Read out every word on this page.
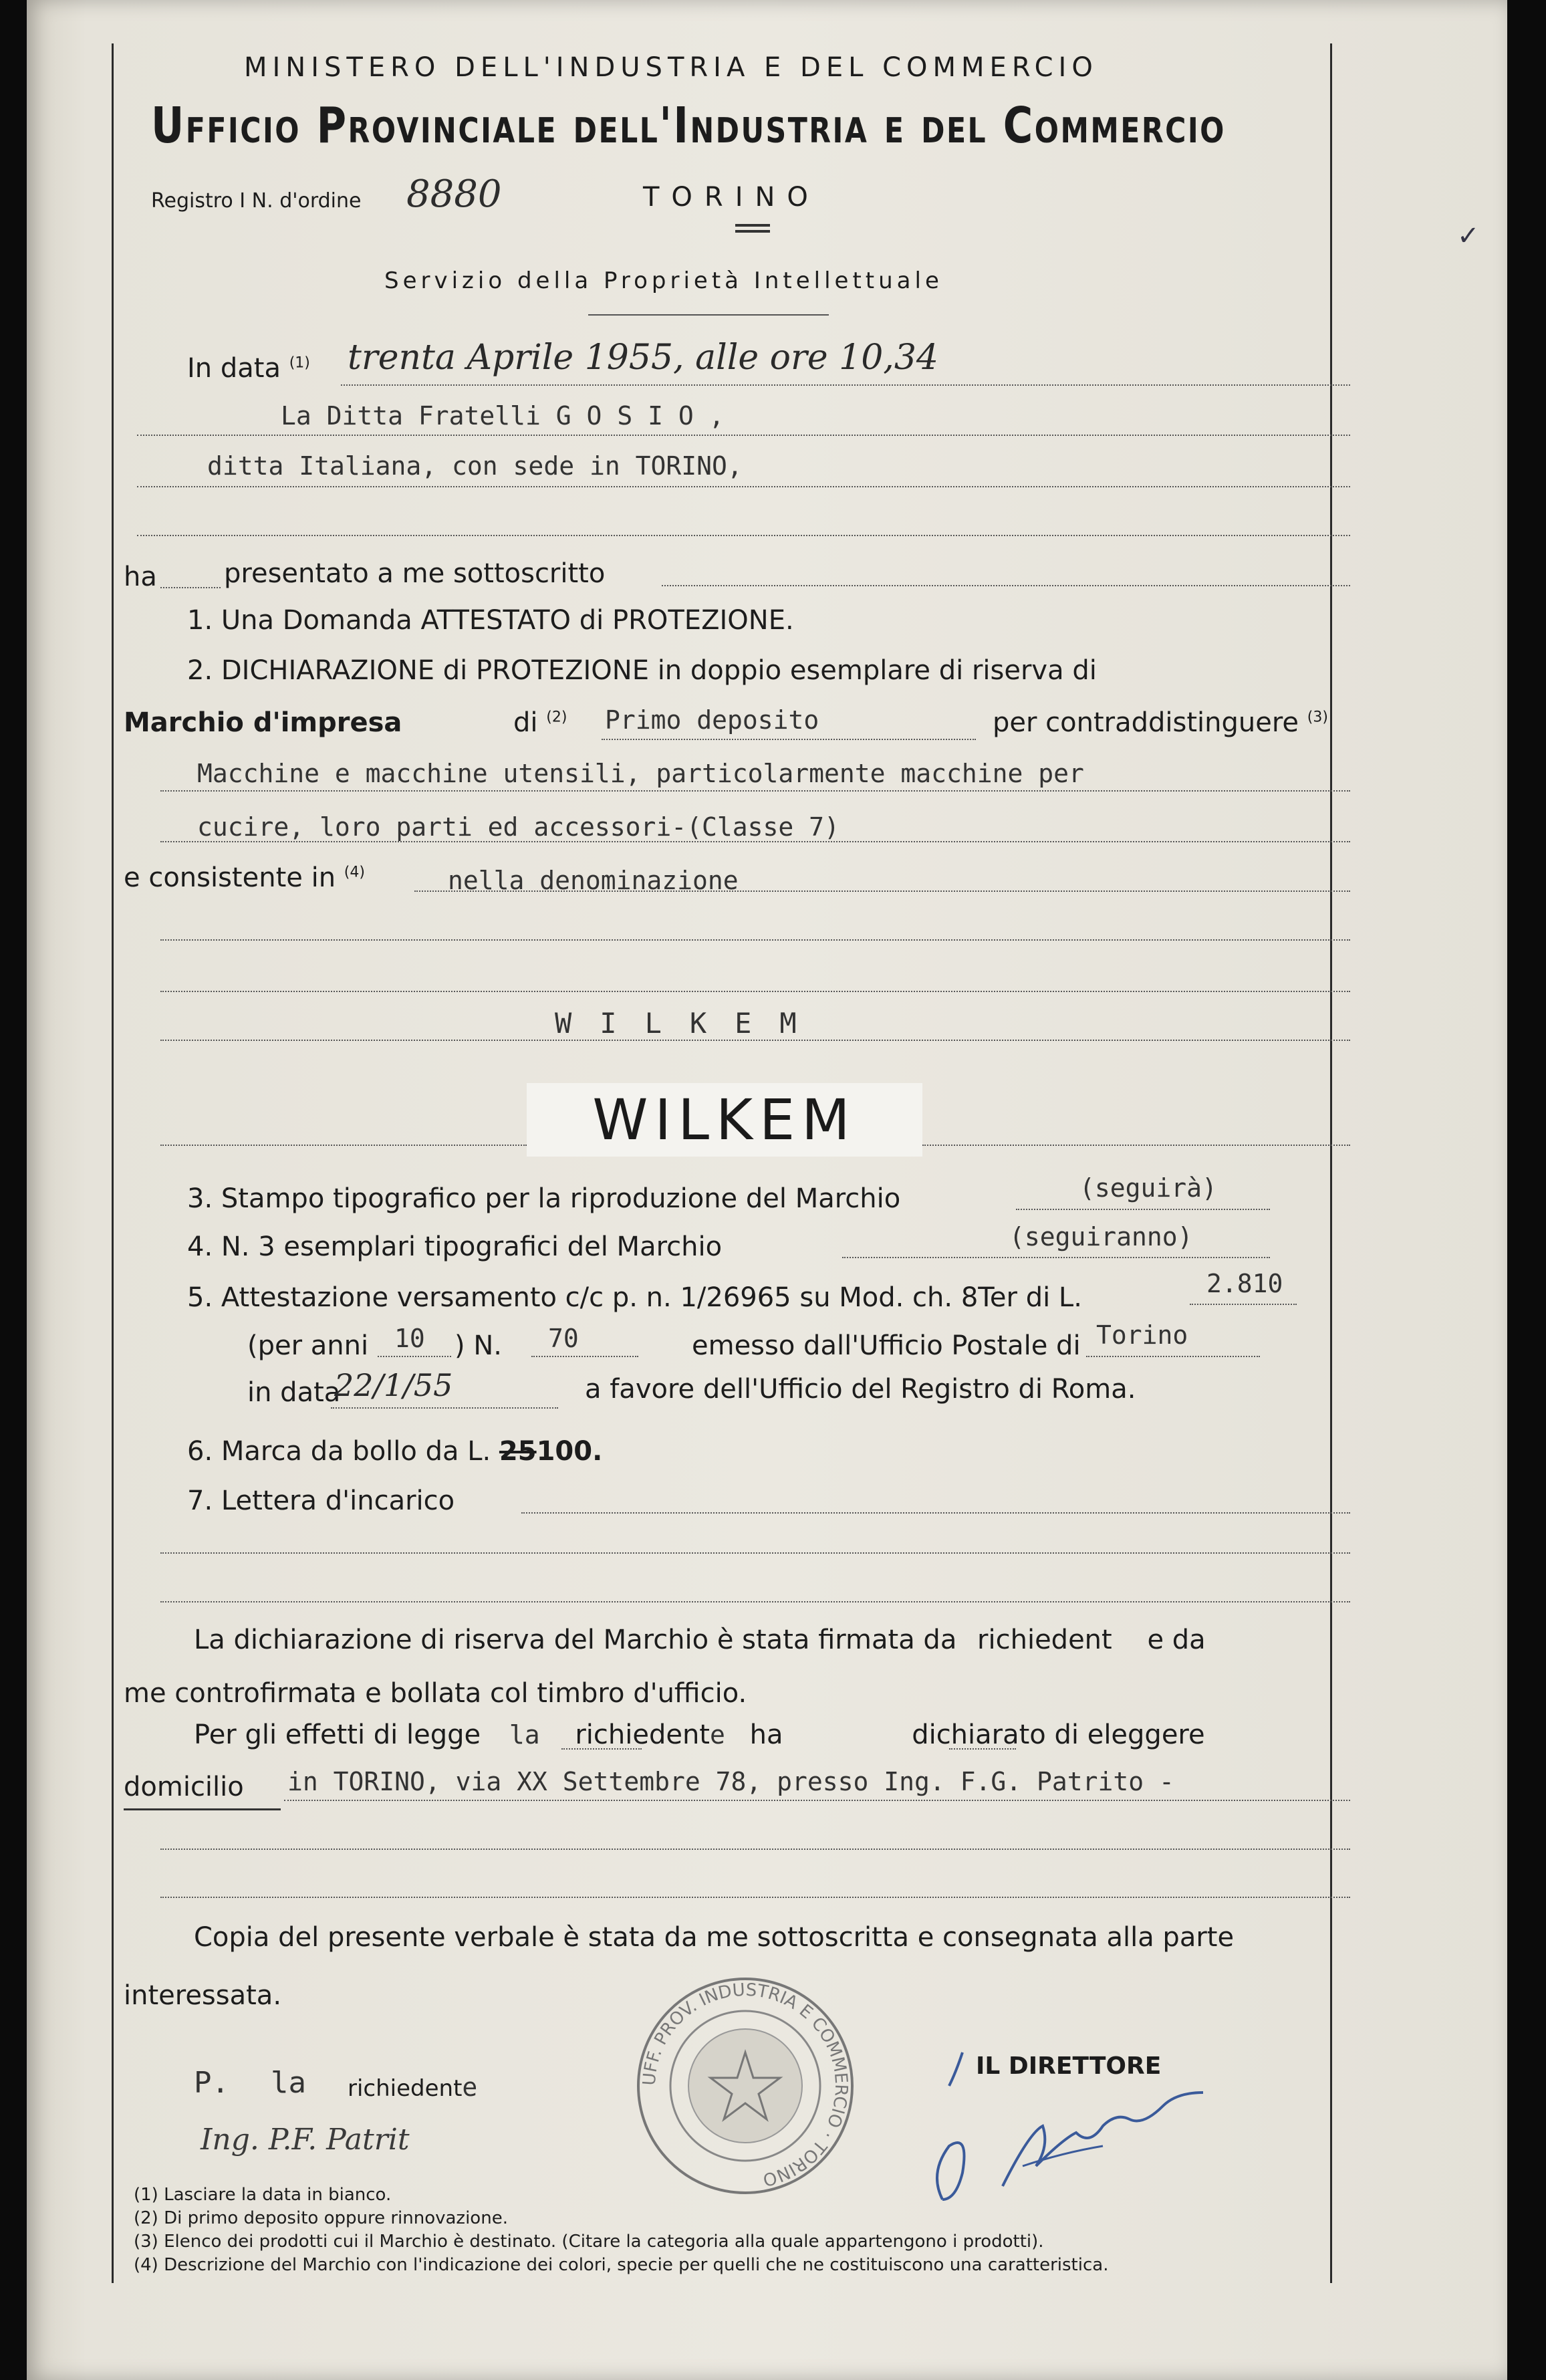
MINISTERO DELL'INDUSTRIA E DEL COMMERCIO
Ufficio Provinciale dell'Industria e del Commercio
Registro I N. d'ordine 8880	TORINO
Servizio della Proprietà Intellettuale
✓
In data $^{(1)}$ trenta Aprile 1955, alle ore 10,34
La Ditta Fratelli G O S I O ,
ditta Italiana, con sede in TORINO,
ha	presentato a me sottoscritto
1. Una Domanda ATTESTATO di PROTEZIONE.
2. DICHIARAZIONE di PROTEZIONE in doppio esemplare di riserva di
Marchio d'impresa	di $^{(2)}$ Primo deposito	per contraddistinguere $^{(3)}$
Macchine e macchine utensili, particolarmente macchine per
cucire, loro parti ed accessori-(Classe 7)
e consistente in $^{(4)}$	nella denominazione
WILKEM
WILKEM
3. Stampo tipografico per la riproduzione del Marchio	(seguirà)
4. N. 3 esemplari tipografici del Marchio	(seguiranno)
5. Attestazione versamento c/c p. n. 1/26965 su Mod. ch. 8Ter di L.	2.810
(per anni 10 ) N. 70	emesso dall'Ufficio Postale di Torino
in data
22/1/55	a favore dell'Ufficio del Registro di Roma.
6. Marca da bollo da L. 25100.
7. Lettera d'incarico
La dichiarazione di riserva del Marchio è stata firmata da richiedent e da
me controfirmata e bollata col timbro d'ufficio.
Per gli effetti di legge la richiedente ha	dichiarato di eleggere
domicilio in TORINO, via XX Settembre 78, presso Ing. F.G. Patrito -
Copia del presente verbale è stata da me sottoscritta e consegnata alla parte
interessata.
P. la richiedente
IL DIRETTORE
Ing. P.F. Patrit
UFF. PROV. INDUSTRIA E COMMERCIO · TORINO
(1) Lasciare la data in bianco.
(2) Di primo deposito oppure rinnovazione.
(3) Elenco dei prodotti cui il Marchio è destinato. (Citare la categoria alla quale appartengono i prodotti).
(4) Descrizione del Marchio con l'indicazione dei colori, specie per quelli che ne costituiscono una caratteristica.
